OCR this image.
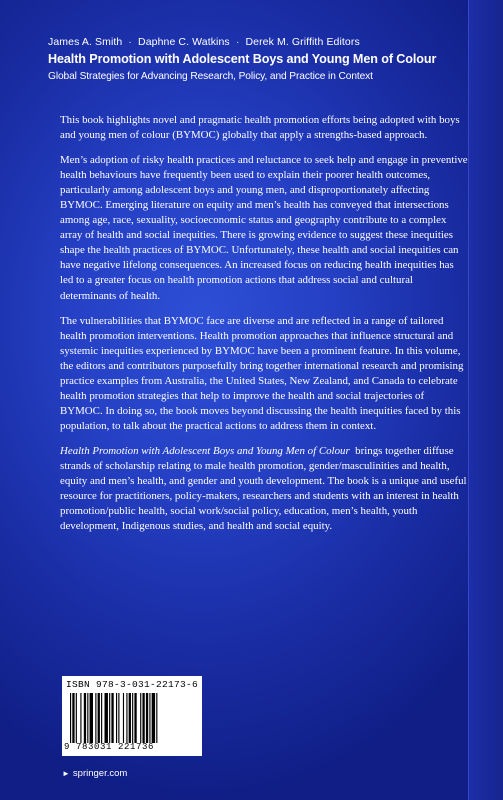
James A. Smith · Daphne C. Watkins · Derek M. Griffith Editors
Health Promotion with Adolescent Boys and Young Men of Colour
Global Strategies for Advancing Research, Policy, and Practice in Context

This book highlights novel and pragmatic health promotion efforts being adopted with boys and young men of colour (BYMOC) globally that apply a strengths-based approach.

Men’s adoption of risky health practices and reluctance to seek help and engage in preventive health behaviours have frequently been used to explain their poorer health outcomes, particularly among adolescent boys and young men, and disproportionately affecting BYMOC. Emerging literature on equity and men’s health has conveyed that intersections among age, race, sexuality, socioeconomic status and geography contribute to a complex array of health and social inequities. There is growing evidence to suggest these inequities shape the health practices of BYMOC. Unfortunately, these health and social inequities can have negative lifelong consequences. An increased focus on reducing health inequities has led to a greater focus on health promotion actions that address social and cultural determinants of health.

The vulnerabilities that BYMOC face are diverse and are reflected in a range of tailored health promotion interventions. Health promotion approaches that influence structural and systemic inequities experienced by BYMOC have been a prominent feature. In this volume, the editors and contributors purposefully bring together international research and promising practice examples from Australia, the United States, New Zealand, and Canada to celebrate health promotion strategies that help to improve the health and social trajectories of BYMOC. In doing so, the book moves beyond discussing the health inequities faced by this population, to talk about the practical actions to address them in context.

Health Promotion with Adolescent Boys and Young Men of Colour brings together diffuse strands of scholarship relating to male health promotion, gender/masculinities and health, equity and men’s health, and gender and youth development. The book is a unique and useful resource for practitioners, policy-makers, researchers and students with an interest in health promotion/public health, social work/social policy, education, men’s health, youth development, Indigenous studies, and health and social equity.

ISBN 978-3-031-22173-6
9 783031 221736
► springer.com
